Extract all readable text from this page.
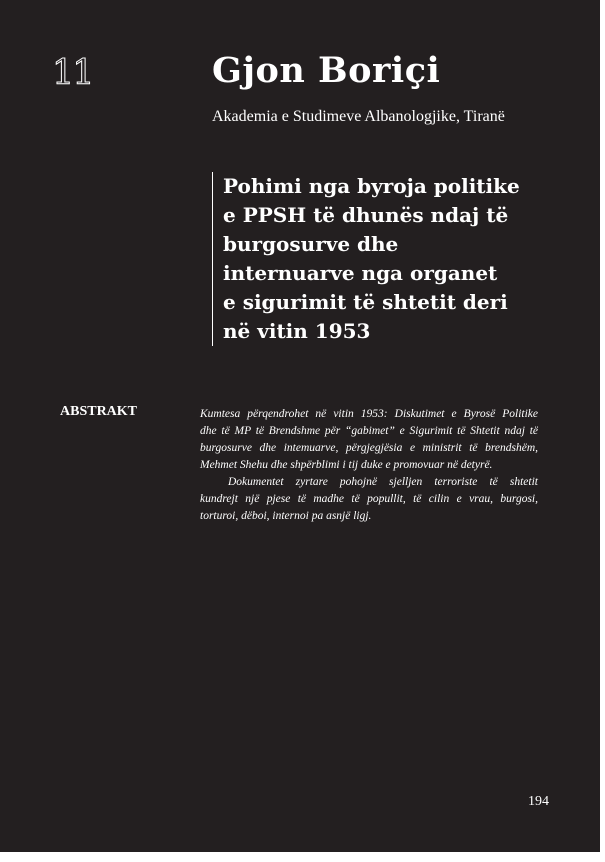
11	Gjon Boriçi
Akademia e Studimeve Albanologjike, Tiranë
Pohimi nga byroja politike
e PPSH të dhunës ndaj të
burgosurve dhe
internuarve nga organet
e sigurimit të shtetit deri
në vitin 1953
ABSTRAKT	Kumtesa përqendrohet në vitin 1953: Diskutimet e Byrosë Politike
dhe të MP të Brendshme për “gabimet” e Sigurimit të Shtetit ndaj të
burgosurve dhe intemuarve, përgjegjësia e ministrit të brendshëm,
Mehmet Shehu dhe shpërblimi i tij duke e promovuar në detyrë.
Dokumentet zyrtare pohojnë sjelljen terroriste të shtetit
kundrejt një pjese të madhe të popullit, të cilin e vrau, burgosi,
torturoi, dëboi, internoi pa asnjë ligj.
194
